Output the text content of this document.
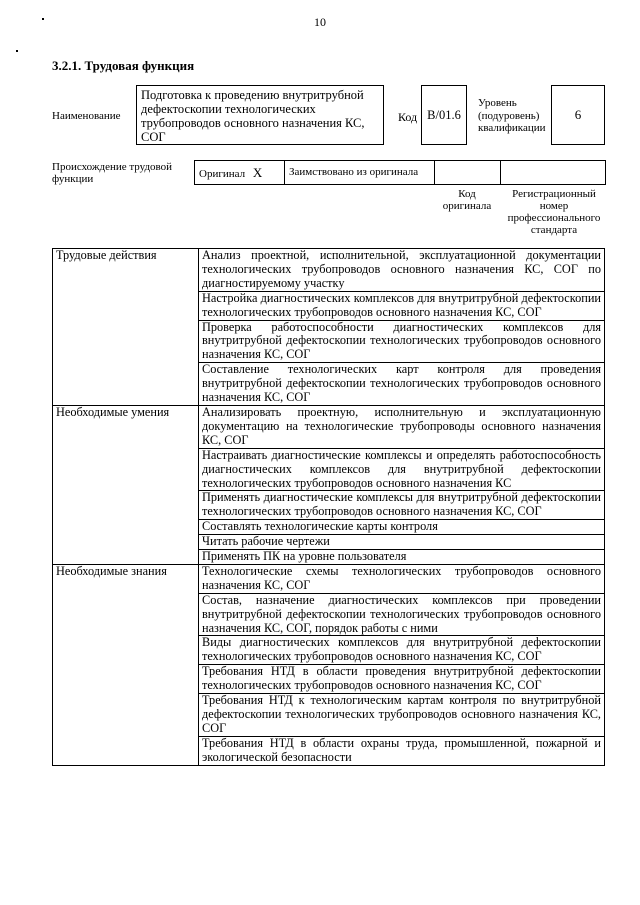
10
3.2.1. Трудовая функция
Наименование
Подготовка к проведению внутритрубной дефектоскопии технологических трубопроводов основного назначения КС, СОГ
Код В/01.6
Уровень (подуровень) квалификации
6
Происхождение трудовой функции	Оригинал X	Заимствовано из оригинала
Код оригинала
Регистрационный номер профессионального стандарта
Трудовые действия	Анализ проектной, исполнительной, эксплуатационной документации технологических трубопроводов основного назначения КС, СОГ по диагностируемому участку
	Настройка диагностических комплексов для внутритрубной дефектоскопии технологических трубопроводов основного назначения КС, СОГ
	Проверка работоспособности диагностических комплексов для внутритрубной дефектоскопии технологических трубопроводов основного назначения КС, СОГ
	Составление технологических карт контроля для проведения внутритрубной дефектоскопии технологических трубопроводов основного назначения КС, СОГ
Необходимые умения	Анализировать проектную, исполнительную и эксплуатационную документацию на технологические трубопроводы основного назначения КС, СОГ
	Настраивать диагностические комплексы и определять работоспособность диагностических комплексов для внутритрубной дефектоскопии технологических трубопроводов основного назначения КС
	Применять диагностические комплексы для внутритрубной дефектоскопии технологических трубопроводов основного назначения КС, СОГ
	Составлять технологические карты контроля
	Читать рабочие чертежи
	Применять ПК на уровне пользователя
Необходимые знания	Технологические схемы технологических трубопроводов основного назначения КС, СОГ
	Состав, назначение диагностических комплексов при проведении внутритрубной дефектоскопии технологических трубопроводов основного назначения КС, СОГ, порядок работы с ними
	Виды диагностических комплексов для внутритрубной дефектоскопии технологических трубопроводов основного назначения КС, СОГ
	Требования НТД в области проведения внутритрубной дефектоскопии технологических трубопроводов основного назначения КС, СОГ
	Требования НТД к технологическим картам контроля по внутритрубной дефектоскопии технологических трубопроводов основного назначения КС, СОГ
	Требования НТД в области охраны труда, промышленной, пожарной и экологической безопасности
